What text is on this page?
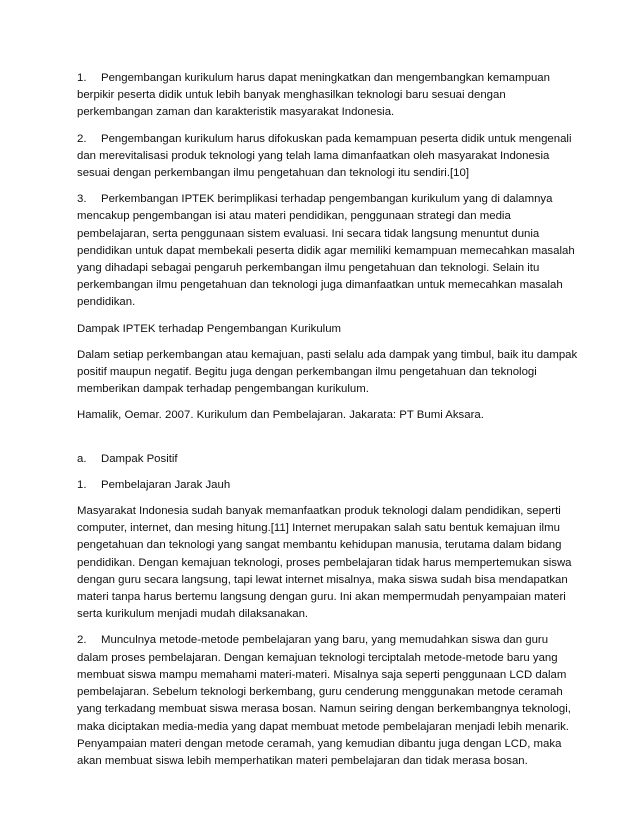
1. Pengembangan kurikulum harus dapat meningkatkan dan mengembangkan kemampuan berpikir peserta didik untuk lebih banyak menghasilkan teknologi baru sesuai dengan perkembangan zaman dan karakteristik masyarakat Indonesia.

2. Pengembangan kurikulum harus difokuskan pada kemampuan peserta didik untuk mengenali dan merevitalisasi produk teknologi yang telah lama dimanfaatkan oleh masyarakat Indonesia sesuai dengan perkembangan ilmu pengetahuan dan teknologi itu sendiri.[10]

3. Perkembangan IPTEK berimplikasi terhadap pengembangan kurikulum yang di dalamnya mencakup pengembangan isi atau materi pendidikan, penggunaan strategi dan media pembelajaran, serta penggunaan sistem evaluasi. Ini secara tidak langsung menuntut dunia pendidikan untuk dapat membekali peserta didik agar memiliki kemampuan memecahkan masalah yang dihadapi sebagai pengaruh perkembangan ilmu pengetahuan dan teknologi. Selain itu perkembangan ilmu pengetahuan dan teknologi juga dimanfaatkan untuk memecahkan masalah pendidikan.

Dampak IPTEK terhadap Pengembangan Kurikulum

Dalam setiap perkembangan atau kemajuan, pasti selalu ada dampak yang timbul, baik itu dampak positif maupun negatif. Begitu juga dengan perkembangan ilmu pengetahuan dan teknologi memberikan dampak terhadap pengembangan kurikulum.

Hamalik, Oemar. 2007. Kurikulum dan Pembelajaran. Jakarata: PT Bumi Aksara.

a. Dampak Positif

1. Pembelajaran Jarak Jauh

Masyarakat Indonesia sudah banyak memanfaatkan produk teknologi dalam pendidikan, seperti computer, internet, dan mesing hitung.[11] Internet merupakan salah satu bentuk kemajuan ilmu pengetahuan dan teknologi yang sangat membantu kehidupan manusia, terutama dalam bidang pendidikan. Dengan kemajuan teknologi, proses pembelajaran tidak harus mempertemukan siswa dengan guru secara langsung, tapi lewat internet misalnya, maka siswa sudah bisa mendapatkan materi tanpa harus bertemu langsung dengan guru. Ini akan mempermudah penyampaian materi serta kurikulum menjadi mudah dilaksanakan.

2. Munculnya metode-metode pembelajaran yang baru, yang memudahkan siswa dan guru dalam proses pembelajaran. Dengan kemajuan teknologi terciptalah metode-metode baru yang membuat siswa mampu memahami materi-materi. Misalnya saja seperti penggunaan LCD dalam pembelajaran. Sebelum teknologi berkembang, guru cenderung menggunakan metode ceramah yang terkadang membuat siswa merasa bosan. Namun seiring dengan berkembangnya teknologi, maka diciptakan media-media yang dapat membuat metode pembelajaran menjadi lebih menarik. Penyampaian materi dengan metode ceramah, yang kemudian dibantu juga dengan LCD, maka akan membuat siswa lebih memperhatikan materi pembelajaran dan tidak merasa bosan.
